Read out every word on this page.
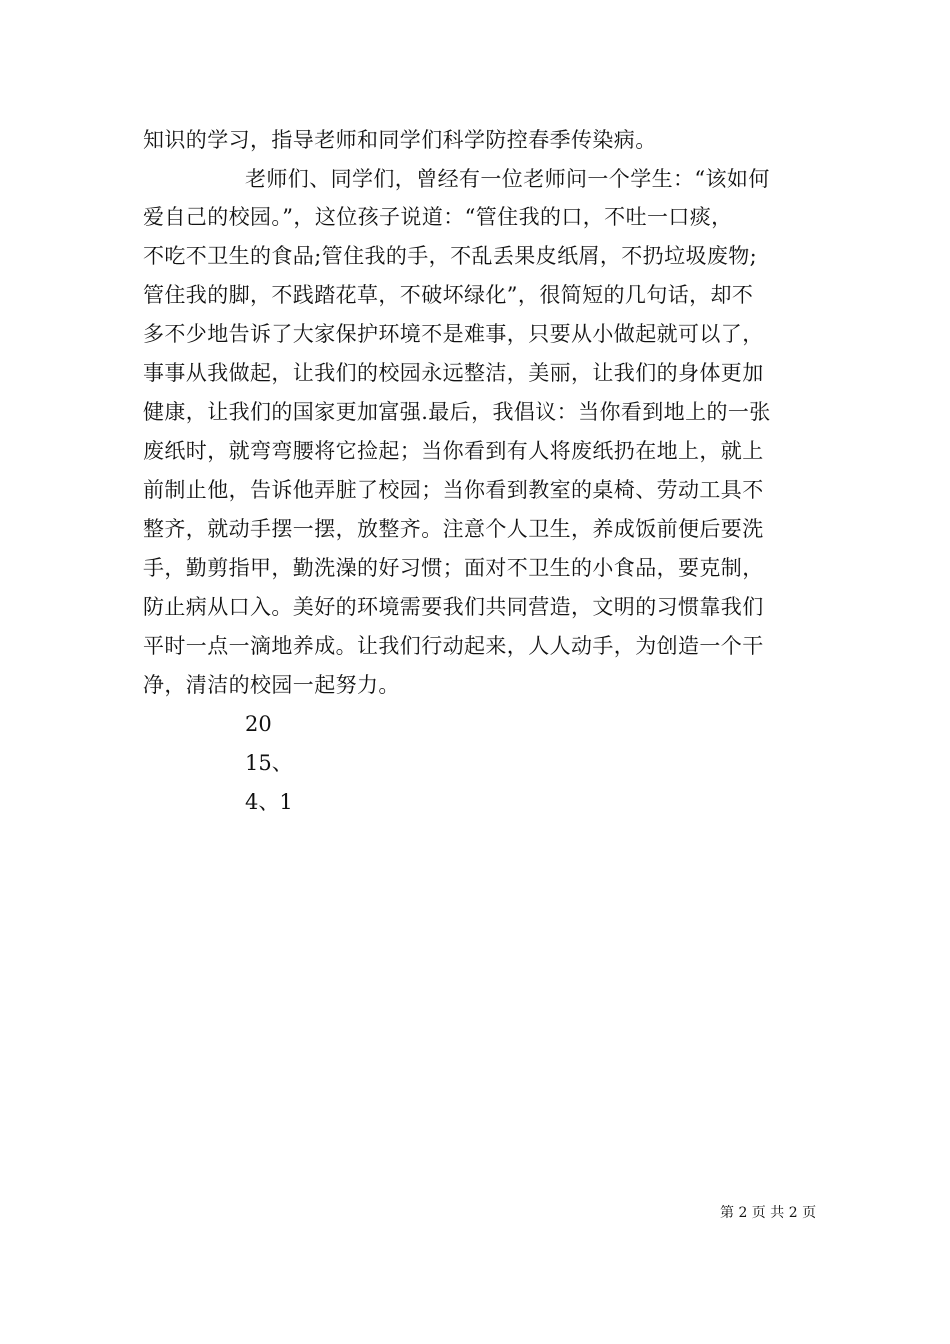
知识的学习，指导老师和同学们科学防控春季传染病。
老师们、同学们，曾经有一位老师问一个学生：“该如何
爱自己的校园。”，这位孩子说道：“管住我的口，不吐一口痰，
不吃不卫生的食品;管住我的手，不乱丢果皮纸屑，不扔垃圾废物;
管住我的脚，不践踏花草，不破坏绿化”，很简短的几句话，却不
多不少地告诉了大家保护环境不是难事，只要从小做起就可以了，
事事从我做起，让我们的校园永远整洁，美丽，让我们的身体更加
健康，让我们的国家更加富强.最后，我倡议：当你看到地上的一张
废纸时，就弯弯腰将它捡起；当你看到有人将废纸扔在地上，就上
前制止他，告诉他弄脏了校园；当你看到教室的桌椅、劳动工具不
整齐，就动手摆一摆，放整齐。注意个人卫生，养成饭前便后要洗
手，勤剪指甲，勤洗澡的好习惯；面对不卫生的小食品，要克制，
防止病从口入。美好的环境需要我们共同营造，文明的习惯靠我们
平时一点一滴地养成。让我们行动起来，人人动手，为创造一个干
净，清洁的校园一起努力。
20
15、
4、1
第 2 页 共 2 页
